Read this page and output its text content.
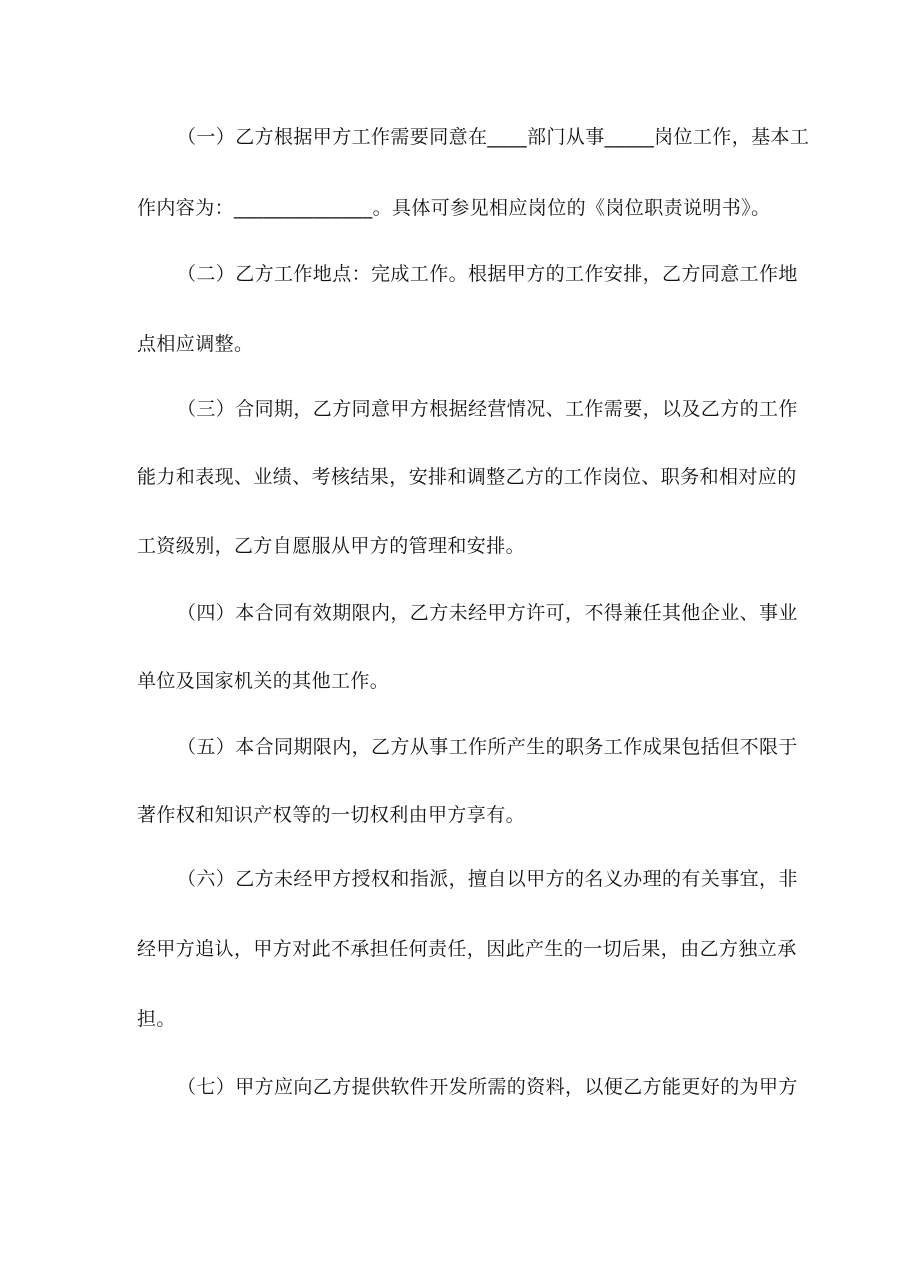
（一）乙方根据甲方工作需要同意在____部门从事_____岗位工作，基本工
作内容为：______________。具体可参见相应岗位的《岗位职责说明书》。
（二）乙方工作地点：完成工作。根据甲方的工作安排，乙方同意工作地
点相应调整。
（三）合同期，乙方同意甲方根据经营情况、工作需要，以及乙方的工作
能力和表现、业绩、考核结果，安排和调整乙方的工作岗位、职务和相对应的
工资级别，乙方自愿服从甲方的管理和安排。
（四）本合同有效期限内，乙方未经甲方许可，不得兼任其他企业、事业
单位及国家机关的其他工作。
（五）本合同期限内，乙方从事工作所产生的职务工作成果包括但不限于
著作权和知识产权等的一切权利由甲方享有。
（六）乙方未经甲方授权和指派，擅自以甲方的名义办理的有关事宜，非
经甲方追认，甲方对此不承担任何责任，因此产生的一切后果，由乙方独立承
担。
（七）甲方应向乙方提供软件开发所需的资料，以便乙方能更好的为甲方
